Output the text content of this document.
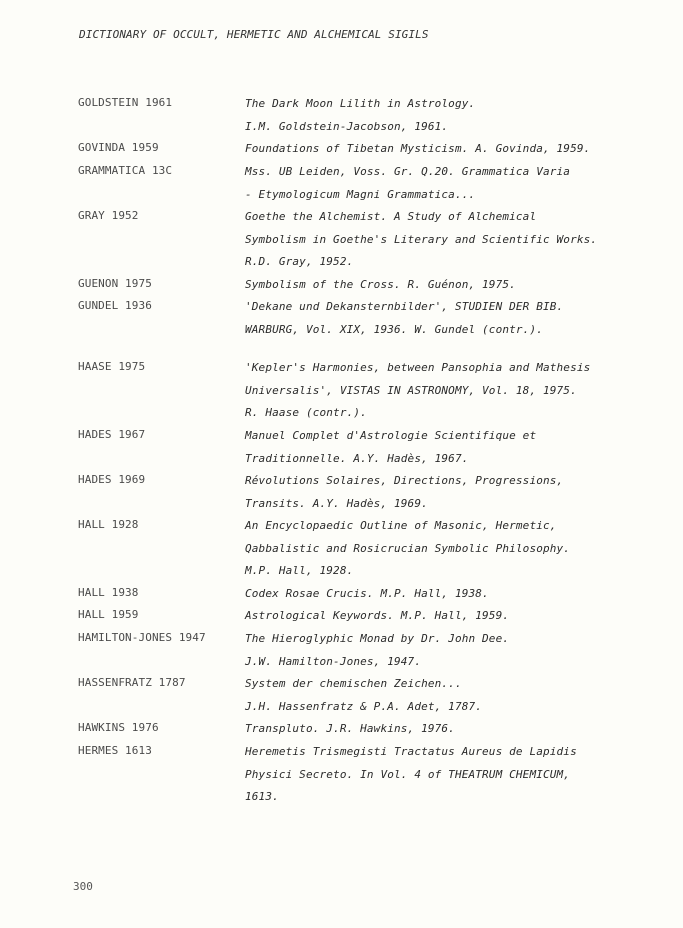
DICTIONARY OF OCCULT, HERMETIC AND ALCHEMICAL SIGILS
GOLDSTEIN 1961	The Dark Moon Lilith in Astrology.
I.M. Goldstein-Jacobson, 1961.
GOVINDA 1959	Foundations of Tibetan Mysticism. A. Govinda, 1959.
GRAMMATICA 13C	Mss. UB Leiden, Voss. Gr. Q.20. Grammatica Varia
- Etymologicum Magni Grammatica...
GRAY 1952	Goethe the Alchemist. A Study of Alchemical
Symbolism in Goethe's Literary and Scientific Works.
R.D. Gray, 1952.
GUENON 1975	Symbolism of the Cross. R. Guénon, 1975.
GUNDEL 1936	'Dekane und Dekansternbilder', STUDIEN DER BIB.
WARBURG, Vol. XIX, 1936. W. Gundel (contr.).
HAASE 1975	'Kepler's Harmonies, between Pansophia and Mathesis
Universalis', VISTAS IN ASTRONOMY, Vol. 18, 1975.
R. Haase (contr.).
HADES 1967	Manuel Complet d'Astrologie Scientifique et
Traditionnelle. A.Y. Hadès, 1967.
HADES 1969	Révolutions Solaires, Directions, Progressions,
Transits. A.Y. Hadès, 1969.
HALL 1928	An Encyclopaedic Outline of Masonic, Hermetic,
Qabbalistic and Rosicrucian Symbolic Philosophy.
M.P. Hall, 1928.
HALL 1938	Codex Rosae Crucis. M.P. Hall, 1938.
HALL 1959	Astrological Keywords. M.P. Hall, 1959.
HAMILTON-JONES 1947	The Hieroglyphic Monad by Dr. John Dee.
J.W. Hamilton-Jones, 1947.
HASSENFRATZ 1787	System der chemischen Zeichen...
J.H. Hassenfratz & P.A. Adet, 1787.
HAWKINS 1976	Transpluto. J.R. Hawkins, 1976.
HERMES 1613	Heremetis Trismegisti Tractatus Aureus de Lapidis
Physici Secreto. In Vol. 4 of THEATRUM CHEMICUM,
1613.
300
